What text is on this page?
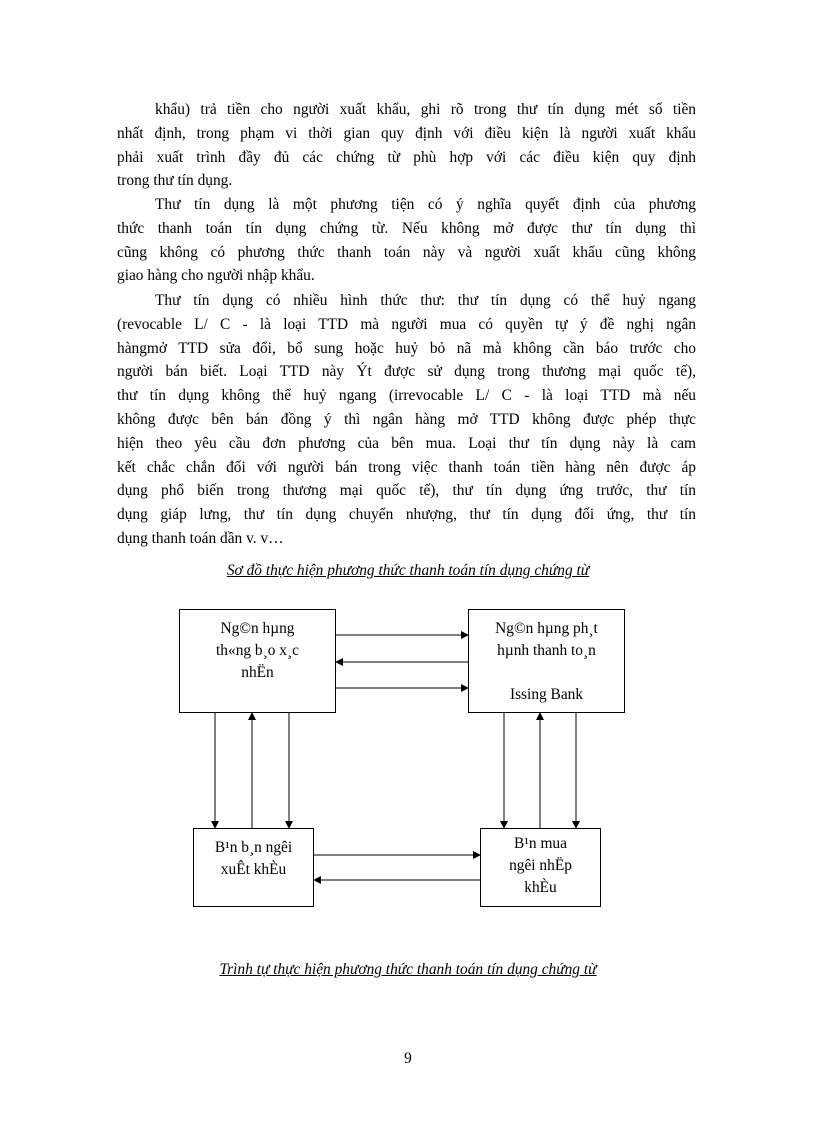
khẩu) trả tiền cho người xuất khẩu, ghi rõ trong thư tín dụng mét số tiền
nhất định, trong phạm vi thời gian quy định với điều kiện là người xuất khẩu
phải xuất trình đầy đủ các chứng từ phù hợp với các điều kiện quy định
trong thư tín dụng.
Thư tín dụng là một phương tiện có ý nghĩa quyết định của phương
thức thanh toán tín dụng chứng từ. Nếu không mở được thư tín dụng thì
cũng không có phương thức thanh toán này và người xuất khẩu cũng không
giao hàng cho người nhập khẩu.
Thư tín dụng có nhiều hình thức thư: thư tín dụng có thể huỷ ngang
(revocable L/ C - là loại TTD mà người mua có quyền tự ý đề nghị ngân
hàngmở TTD sửa đổi, bổ sung hoặc huỷ bỏ nã mà không cần báo trước cho
người bán biết. Loại TTD này Ýt được sử dụng trong thương mại quốc tế),
thư tín dụng không thể huỷ ngang (irrevocable L/ C - là loại TTD mà nếu
không được bên bán đồng ý thì ngân hàng mở TTD không được phép thực
hiện theo yêu cầu đơn phương của bên mua. Loại thư tín dụng này là cam
kết chắc chắn đối với người bán trong việc thanh toán tiền hàng nên được áp
dụng phổ biến trong thương mại quốc tế), thư tín dụng ứng trước, thư tín
dụng giáp lưng, thư tín dụng chuyển nhượng, thư tín dụng đối ứng, thư tín
dụng thanh toán dần v. v…
Sơ đồ thực hiện phương thức thanh toán tín dụng chứng từ
Ng©n hµng
th«ng b¸o x¸c
nhËn
Ng©n hµng ph¸t
hµnh thanh to¸n
Issing Bank
B¹n b¸n ngêi
xuÊt khÈu
B¹n mua
ngêi nhËp
khÈu
Trình tự thực hiện phương thức thanh toán tín dụng chứng từ
9
